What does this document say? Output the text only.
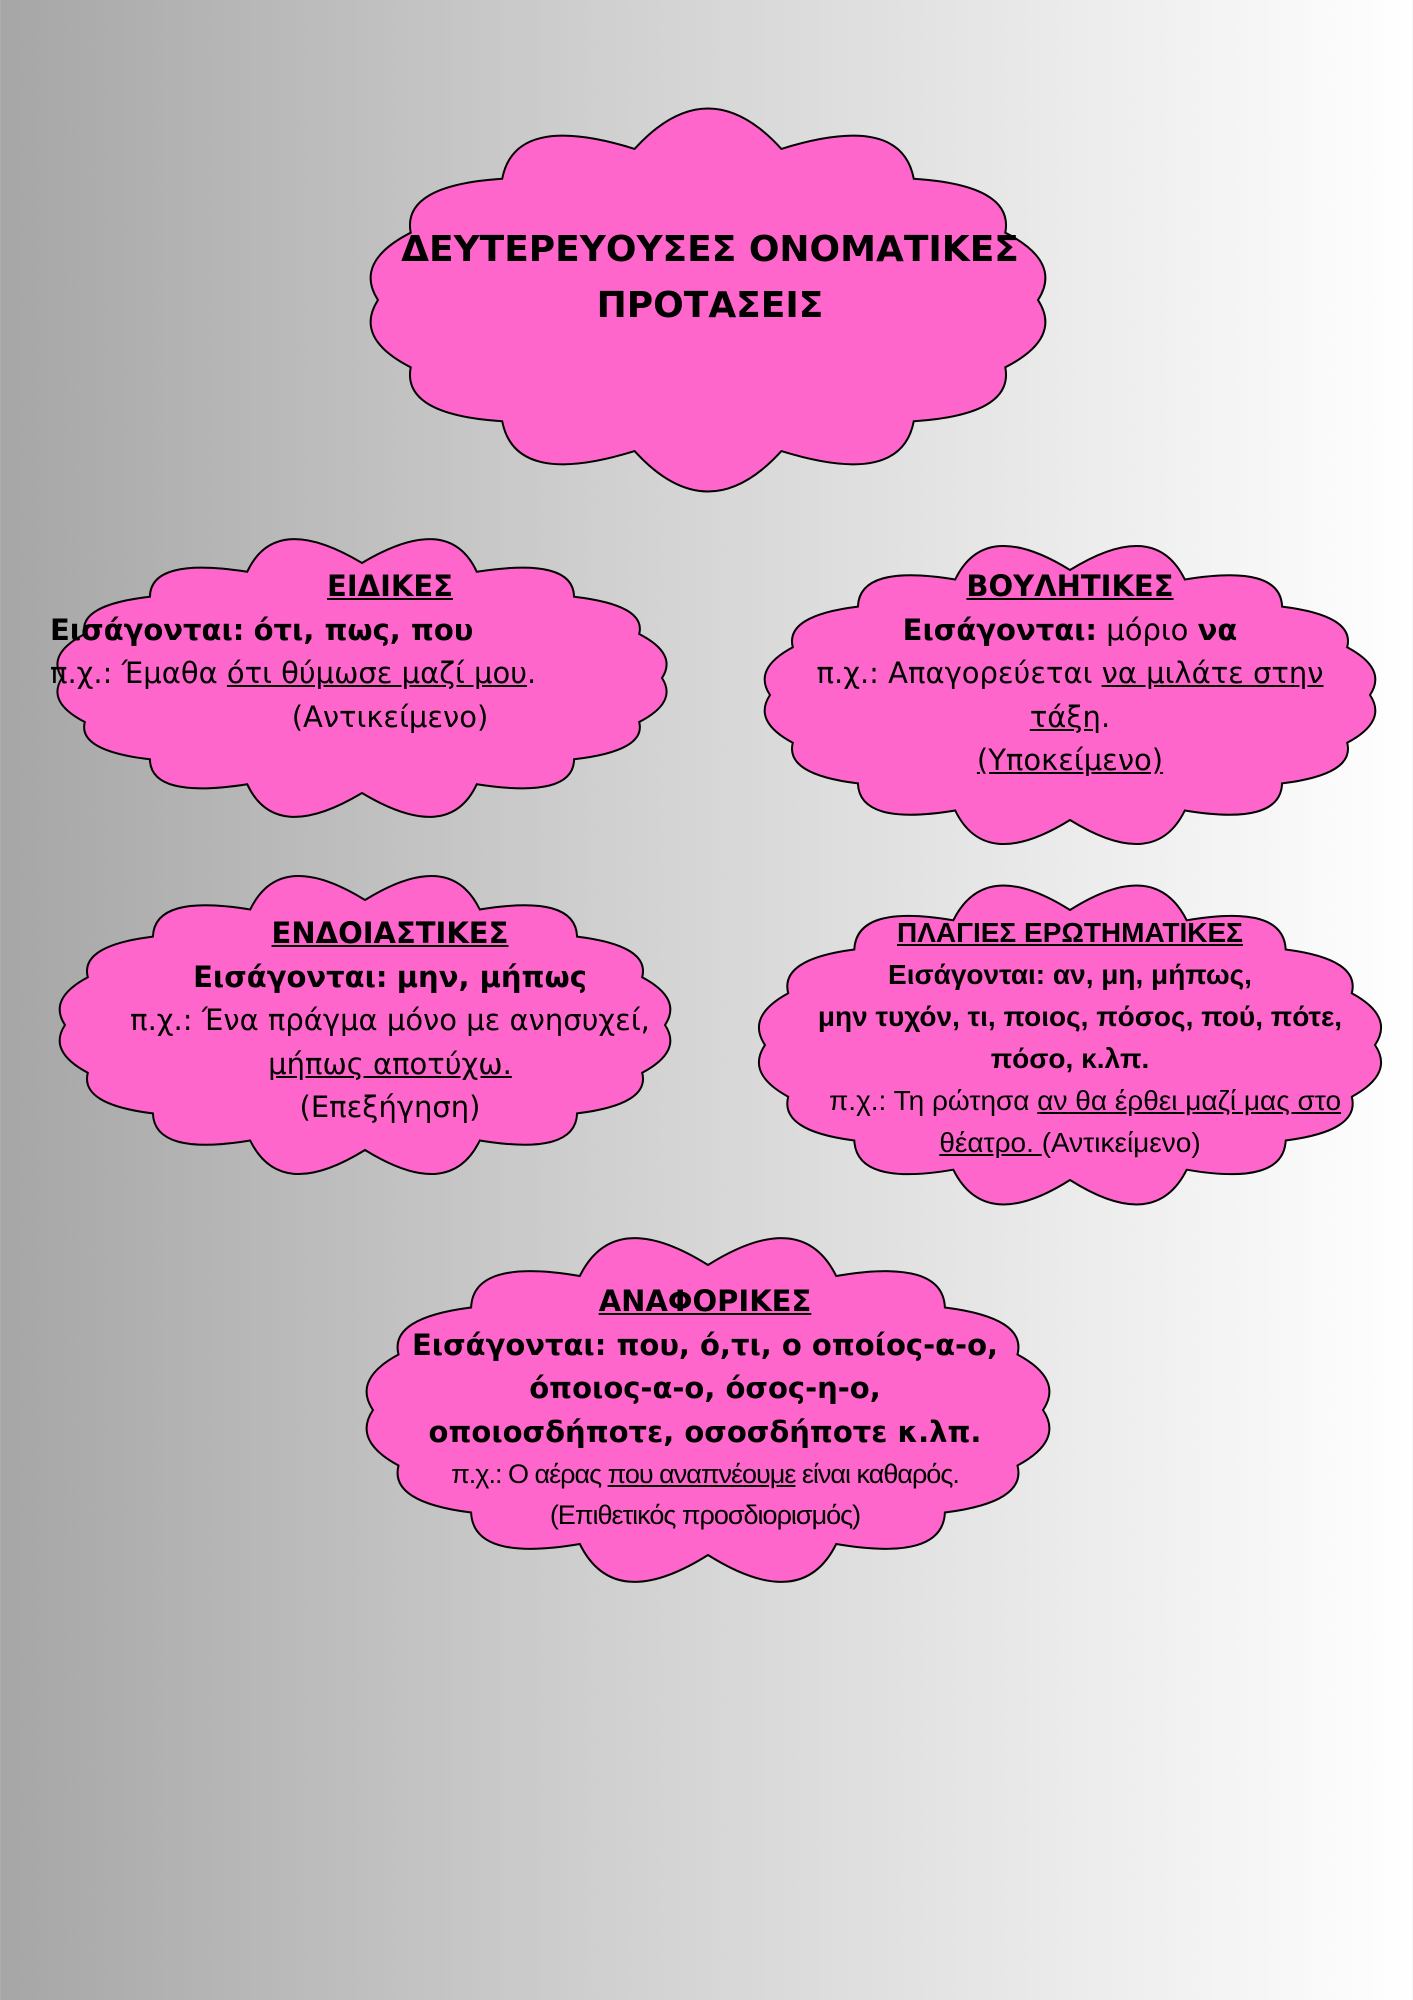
ΔΕΥΤΕΡΕΥΟΥΣΕΣ ΟΝΟΜΑΤΙΚΕΣ
ΠΡΟΤΑΣΕΙΣ
ΕΙΔΙΚΕΣ
Εισάγονται: ότι, πως, που
π.χ.: Έμαθα ότι θύμωσε μαζί μου.
(Αντικείμενο)
ΒΟΥΛΗΤΙΚΕΣ
Εισάγονται: μόριο να
π.χ.: Απαγορεύεται να μιλάτε στην
τάξη.
(Υποκείμενο)
ΕΝΔΟΙΑΣΤΙΚΕΣ
Εισάγονται: μην, μήπως
π.χ.: Ένα πράγμα μόνο με ανησυχεί,
μήπως αποτύχω.
(Επεξήγηση)
ΠΛΑΓΙΕΣ ΕΡΩΤΗΜΑΤΙΚΕΣ
Εισάγονται: αν, μη, μήπως,
μην τυχόν, τι, ποιος, πόσος, πού, πότε,
πόσο, κ.λπ.
π.χ.: Τη ρώτησα αν θα έρθει μαζί μας στο
θέατρο. (Αντικείμενο)
ΑΝΑΦΟΡΙΚΕΣ
Εισάγονται: που, ό,τι, ο οποίος-α-ο,
όποιος-α-ο, όσος-η-ο,
οποιοσδήποτε, οσοσδήποτε κ.λπ.
π.χ.: Ο αέρας που αναπνέουμε είναι καθαρός.
(Επιθετικός προσδιορισμός)
